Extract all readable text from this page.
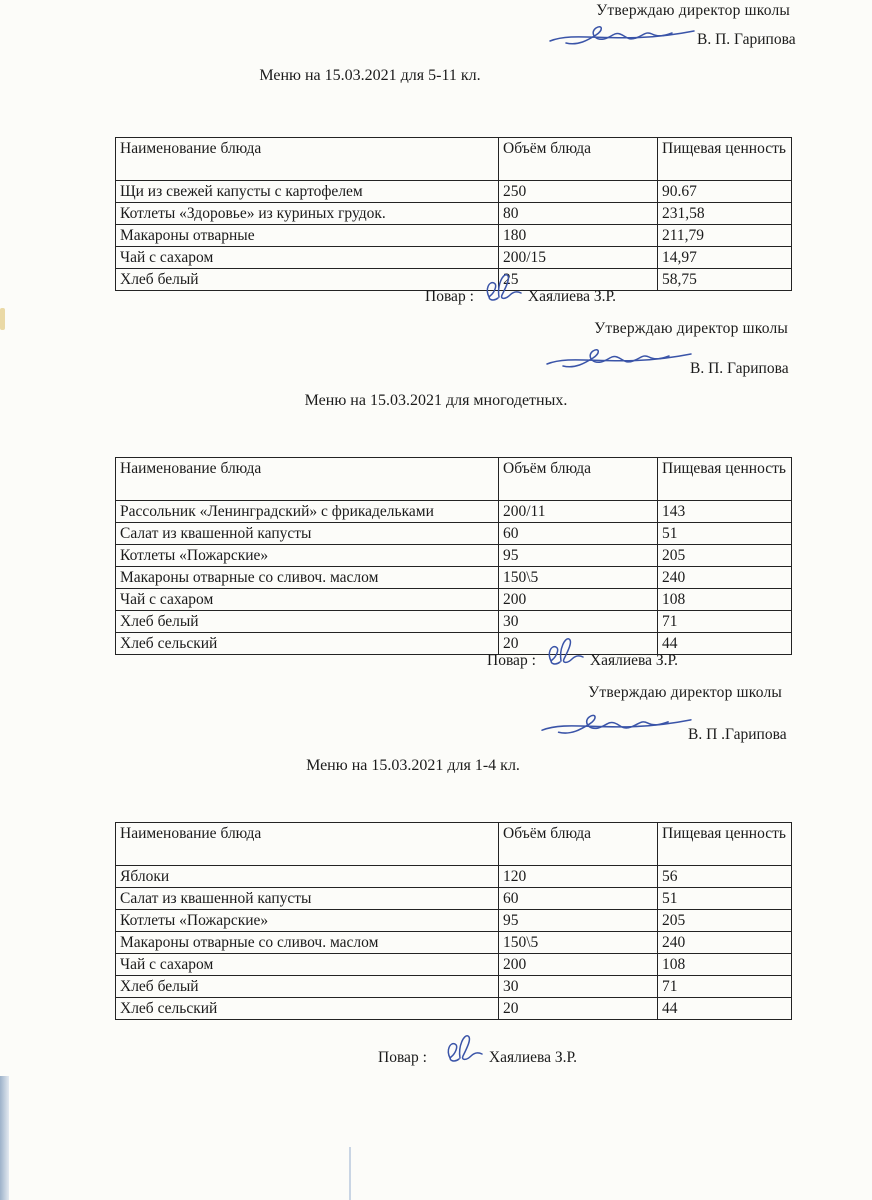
Утверждаю директор школы
В. П. Гарипова
Меню на 15.03.2021 для 5-11 кл.
Наименование блюда	Объём блюда	Пищевая ценность
Щи из свежей капусты с картофелем	250	90.67
Котлеты «Здоровье» из куриных грудок.	80	231,58
Макароны отварные	180	211,79
Чай с сахаром	200/15	14,97
Хлеб белый	25	58,75
Повар :	Хаялиева З.Р.
Утверждаю директор школы
В. П. Гарипова
Меню на 15.03.2021 для многодетных.
Наименование блюда	Объём блюда	Пищевая ценность
Рассольник «Ленинградский» с фрикадельками	200/11	143
Салат из квашенной капусты	60	51
Котлеты «Пожарские»	95	205
Макароны отварные со сливоч. маслом	150\5	240
Чай с сахаром	200	108
Хлеб белый	30	71
Хлеб сельский	20	44
Повар :	Хаялиева З.Р.
Утверждаю директор школы
В. П .Гарипова
Меню на 15.03.2021 для 1-4 кл.
Наименование блюда	Объём блюда	Пищевая ценность
Яблоки	120	56
Салат из квашенной капусты	60	51
Котлеты «Пожарские»	95	205
Макароны отварные со сливоч. маслом	150\5	240
Чай с сахаром	200	108
Хлеб белый	30	71
Хлеб сельский	20	44
Повар :	Хаялиева З.Р.
